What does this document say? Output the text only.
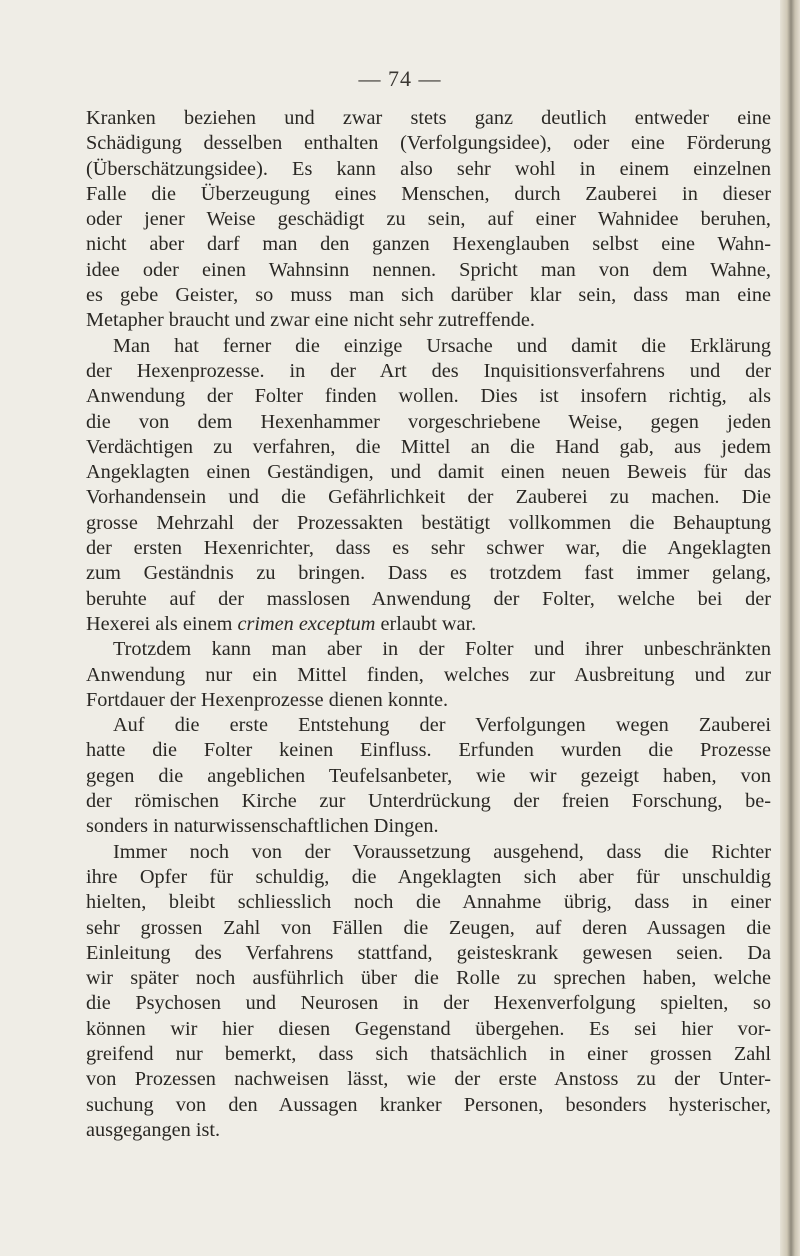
— 74 —
Kranken beziehen und zwar stets ganz deutlich entweder eine
Schädigung desselben enthalten (Verfolgungsidee), oder eine Förderung
(Überschätzungsidee). Es kann also sehr wohl in einem einzelnen
Falle die Überzeugung eines Menschen, durch Zauberei in dieser
oder jener Weise geschädigt zu sein, auf einer Wahnidee beruhen,
nicht aber darf man den ganzen Hexenglauben selbst eine Wahn-
idee oder einen Wahnsinn nennen. Spricht man von dem Wahne,
es gebe Geister, so muss man sich darüber klar sein, dass man eine
Metapher braucht und zwar eine nicht sehr zutreffende.
Man hat ferner die einzige Ursache und damit die Erklärung
der Hexenprozesse. in der Art des Inquisitionsverfahrens und der
Anwendung der Folter finden wollen. Dies ist insofern richtig, als
die von dem Hexenhammer vorgeschriebene Weise, gegen jeden
Verdächtigen zu verfahren, die Mittel an die Hand gab, aus jedem
Angeklagten einen Geständigen, und damit einen neuen Beweis für das
Vorhandensein und die Gefährlichkeit der Zauberei zu machen. Die
grosse Mehrzahl der Prozessakten bestätigt vollkommen die Behauptung
der ersten Hexenrichter, dass es sehr schwer war, die Angeklagten
zum Geständnis zu bringen. Dass es trotzdem fast immer gelang,
beruhte auf der masslosen Anwendung der Folter, welche bei der
Hexerei als einem crimen exceptum erlaubt war.
Trotzdem kann man aber in der Folter und ihrer unbeschränkten
Anwendung nur ein Mittel finden, welches zur Ausbreitung und zur
Fortdauer der Hexenprozesse dienen konnte.
Auf die erste Entstehung der Verfolgungen wegen Zauberei
hatte die Folter keinen Einfluss. Erfunden wurden die Prozesse
gegen die angeblichen Teufelsanbeter, wie wir gezeigt haben, von
der römischen Kirche zur Unterdrückung der freien Forschung, be-
sonders in naturwissenschaftlichen Dingen.
Immer noch von der Voraussetzung ausgehend, dass die Richter
ihre Opfer für schuldig, die Angeklagten sich aber für unschuldig
hielten, bleibt schliesslich noch die Annahme übrig, dass in einer
sehr grossen Zahl von Fällen die Zeugen, auf deren Aussagen die
Einleitung des Verfahrens stattfand, geisteskrank gewesen seien. Da
wir später noch ausführlich über die Rolle zu sprechen haben, welche
die Psychosen und Neurosen in der Hexenverfolgung spielten, so
können wir hier diesen Gegenstand übergehen. Es sei hier vor-
greifend nur bemerkt, dass sich thatsächlich in einer grossen Zahl
von Prozessen nachweisen lässt, wie der erste Anstoss zu der Unter-
suchung von den Aussagen kranker Personen, besonders hysterischer,
ausgegangen ist.
